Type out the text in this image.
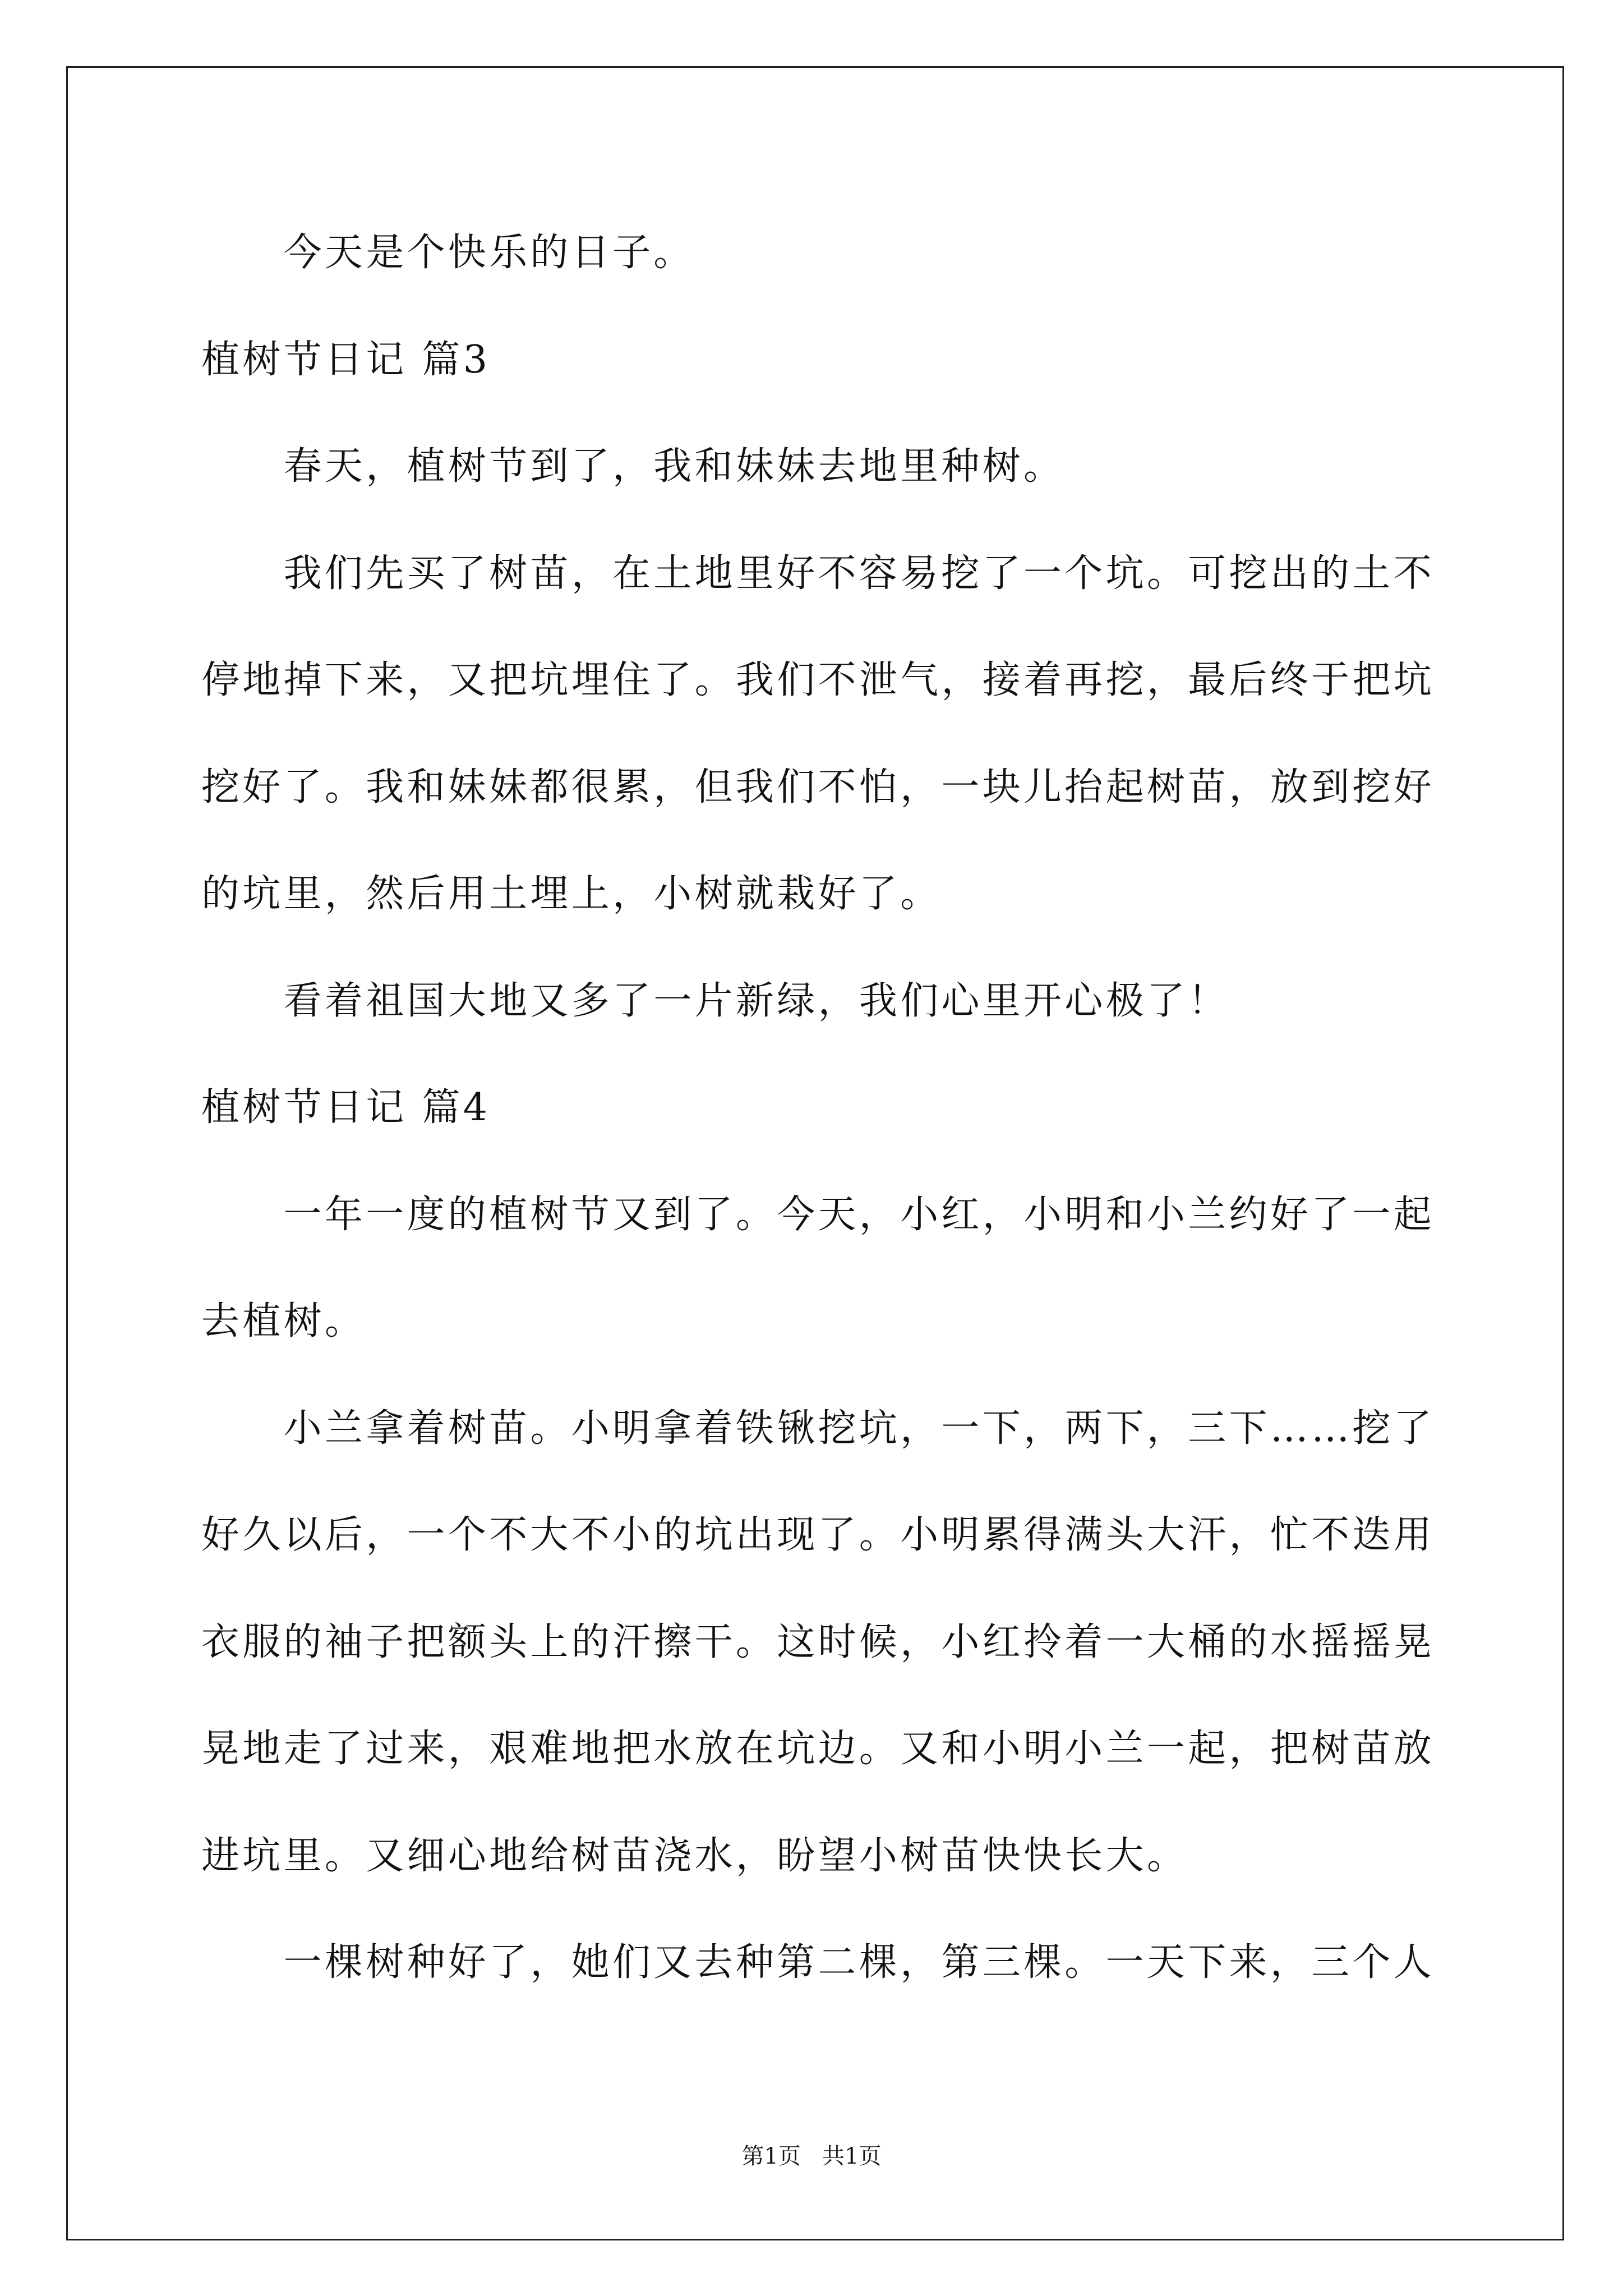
今天是个快乐的日子。

植树节日记 篇3

春天，植树节到了，我和妹妹去地里种树。

我们先买了树苗，在土地里好不容易挖了一个坑。可挖出的土不

停地掉下来，又把坑埋住了。我们不泄气，接着再挖，最后终于把坑

挖好了。我和妹妹都很累，但我们不怕，一块儿抬起树苗，放到挖好

的坑里，然后用土埋上，小树就栽好了。

看着祖国大地又多了一片新绿，我们心里开心极了！

植树节日记 篇4

一年一度的植树节又到了。今天，小红，小明和小兰约好了一起

去植树。

小兰拿着树苗。小明拿着铁锹挖坑，一下，两下，三下……挖了

好久以后，一个不大不小的坑出现了。小明累得满头大汗，忙不迭用

衣服的袖子把额头上的汗擦干。这时候，小红拎着一大桶的水摇摇晃

晃地走了过来，艰难地把水放在坑边。又和小明小兰一起，把树苗放

进坑里。又细心地给树苗浇水，盼望小树苗快快长大。

一棵树种好了，她们又去种第二棵，第三棵。一天下来，三个人

第1页   共1页
